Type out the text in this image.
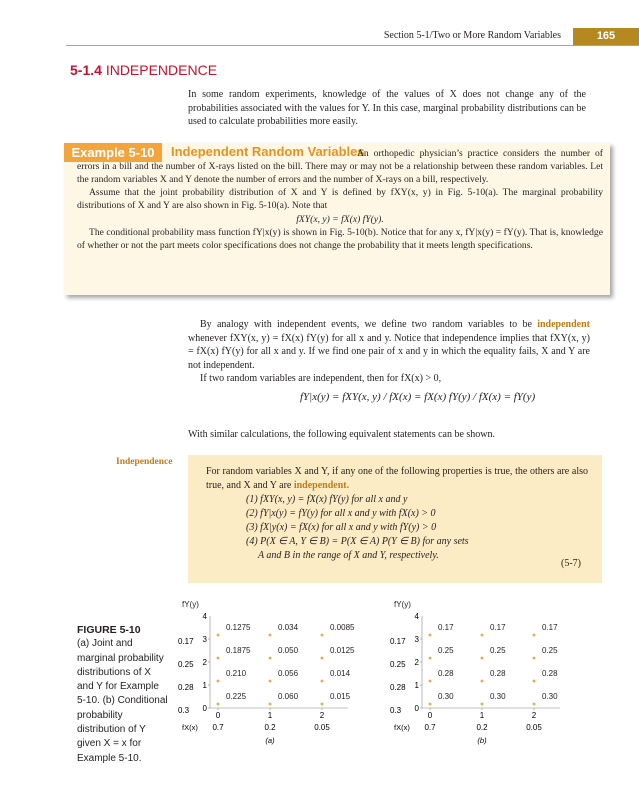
Section 5-1/Two or More Random Variables	165
5-1.4 INDEPENDENCE
In some random experiments, knowledge of the values of X does not change any of the probabilities associated with the values for Y. In this case, marginal probability distributions can be used to calculate probabilities more easily.
Example 5-10	Independent Random Variables
An orthopedic physician’s practice considers the number of errors in a bill and the number of X-rays listed on the bill. There may or may not be a relationship between these random variables. Let the random variables X and Y denote the number of errors and the number of X-rays on a bill, respectively.
Assume that the joint probability distribution of X and Y is defined by fXY(x, y) in Fig. 5-10(a). The marginal probability distributions of X and Y are also shown in Fig. 5-10(a). Note that
fXY(x, y) = fX(x) fY(y).
The conditional probability mass function fY|x(y) is shown in Fig. 5-10(b). Notice that for any x, fY|x(y) = fY(y). That is, knowledge of whether or not the part meets color specifications does not change the probability that it meets length specifications.

By analogy with independent events, we define two random variables to be independent whenever fXY(x, y) = fX(x) fY(y) for all x and y. Notice that independence implies that fXY(x, y) = fX(x) fY(y) for all x and y. If we find one pair of x and y in which the equality fails, X and Y are not independent.

If two random variables are independent, then for fX(x) > 0,

fY|x(y) = fXY(x, y) / fX(x) = fX(x) fY(y) / fX(x) = fY(y)
With similar calculations, the following equivalent statements can be shown.
Independence
For random variables X and Y, if any one of the following properties is true, the others are also true, and X and Y are independent.
(1) fXY(x, y) = fX(x) fY(y) for all x and y
(2) fY|x(y) = fY(y) for all x and y with fX(x) > 0
(3) fX|y(x) = fX(x) for all x and y with fY(y) > 0
(4) P(X ∈ A, Y ∈ B) = P(X ∈ A) P(Y ∈ B) for any sets
A and B in the range of X and Y, respectively.
(5-7)
FIGURE 5-10
(a) Joint and marginal probability distributions of X and Y for Example 5-10. (b) Conditional probability distribution of Y given X = x for Example 5-10.
fY(y)
4
0
0.3
1
0.28
2
0.25
3
0.17
0
0.7
1
0.2
2
0.05
fX(x)
0.225	0.060	0.015
0.210	0.056	0.014
0.1875	0.050	0.0125
0.1275	0.034	0.0085
(a)
fY(y)
4
0
0.3
1
0.28
2
0.25
3
0.17
0
0.7
1
0.2
2
0.05
fX(x)
0.30	0.30	0.30
0.28	0.28	0.28
0.25	0.25	0.25
0.17	0.17	0.17
(b)
